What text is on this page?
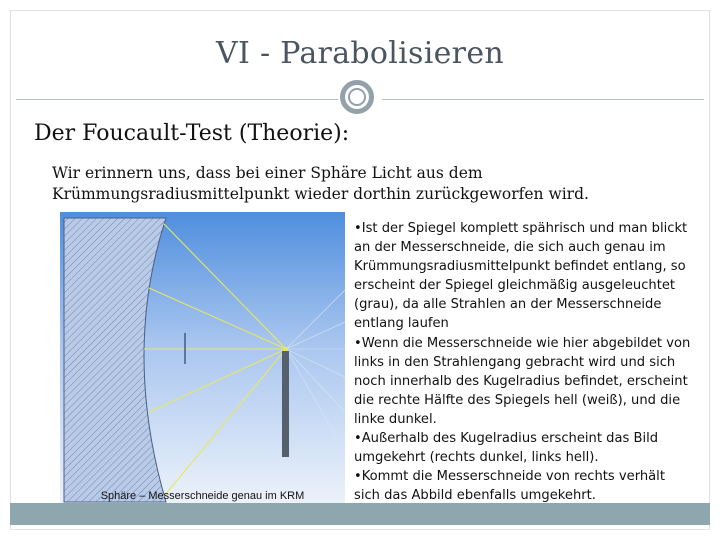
VI - Parabolisieren
Der Foucault-Test (Theorie):
Wir erinnern uns, dass bei einer Sphäre Licht aus dem Krümmungsradiusmittelpunkt wieder dorthin zurückgeworfen wird.
Sphäre – Messerschneide genau im KRM

•Ist der Spiegel komplett spährisch und man blickt an der Messerschneide, die sich auch genau im Krümmungsradiusmittelpunkt befindet entlang, so erscheint der Spiegel gleichmäßig ausgeleuchtet (grau), da alle Strahlen an der Messerschneide entlang laufen

•Wenn die Messerschneide wie hier abgebildet von links in den Strahlengang gebracht wird und sich noch innerhalb des Kugelradius befindet, erscheint die rechte Hälfte des Spiegels hell (weiß), und die linke dunkel.

•Außerhalb des Kugelradius erscheint das Bild umgekehrt (rechts dunkel, links hell).

•Kommt die Messerschneide von rechts verhält sich das Abbild ebenfalls umgekehrt.
